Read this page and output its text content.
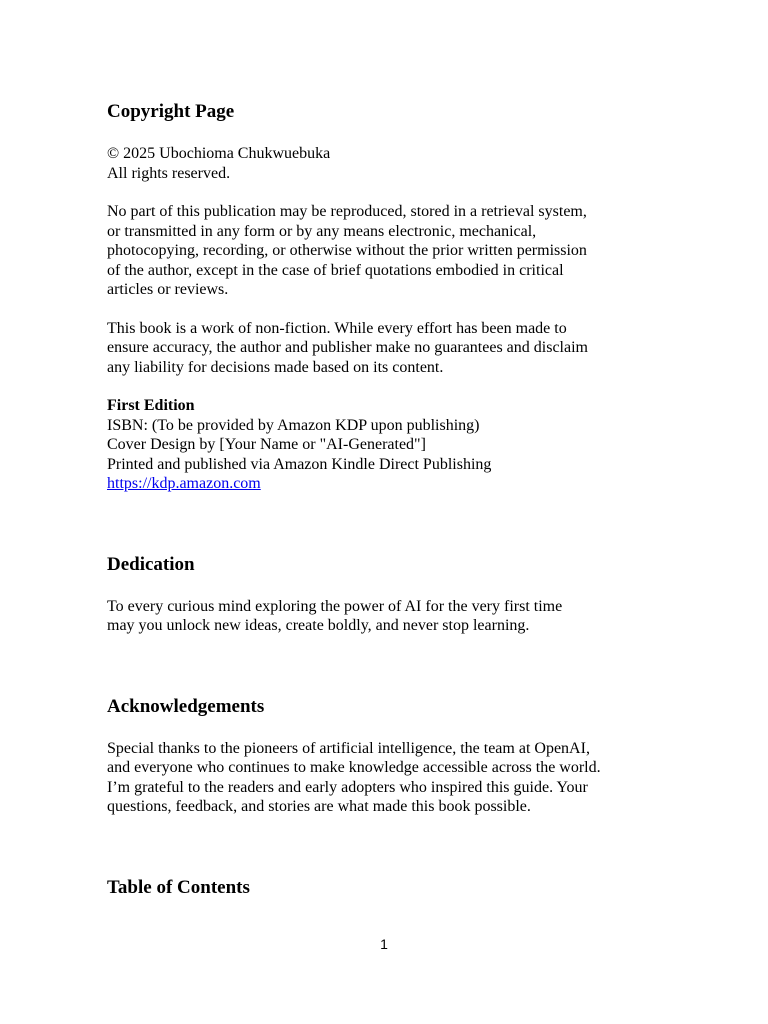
Copyright Page

© 2025 Ubochioma Chukwuebuka
All rights reserved.

No part of this publication may be reproduced, stored in a retrieval system,
or transmitted in any form or by any means electronic, mechanical,
photocopying, recording, or otherwise without the prior written permission
of the author, except in the case of brief quotations embodied in critical
articles or reviews.

This book is a work of non-fiction. While every effort has been made to
ensure accuracy, the author and publisher make no guarantees and disclaim
any liability for decisions made based on its content.

First Edition
ISBN: (To be provided by Amazon KDP upon publishing)
Cover Design by [Your Name or "AI-Generated"]
Printed and published via Amazon Kindle Direct Publishing
https://kdp.amazon.com

Dedication

To every curious mind exploring the power of AI for the very first time
may you unlock new ideas, create boldly, and never stop learning.

Acknowledgements

Special thanks to the pioneers of artificial intelligence, the team at OpenAI,
and everyone who continues to make knowledge accessible across the world.
I’m grateful to the readers and early adopters who inspired this guide. Your
questions, feedback, and stories are what made this book possible.

Table of Contents
1
